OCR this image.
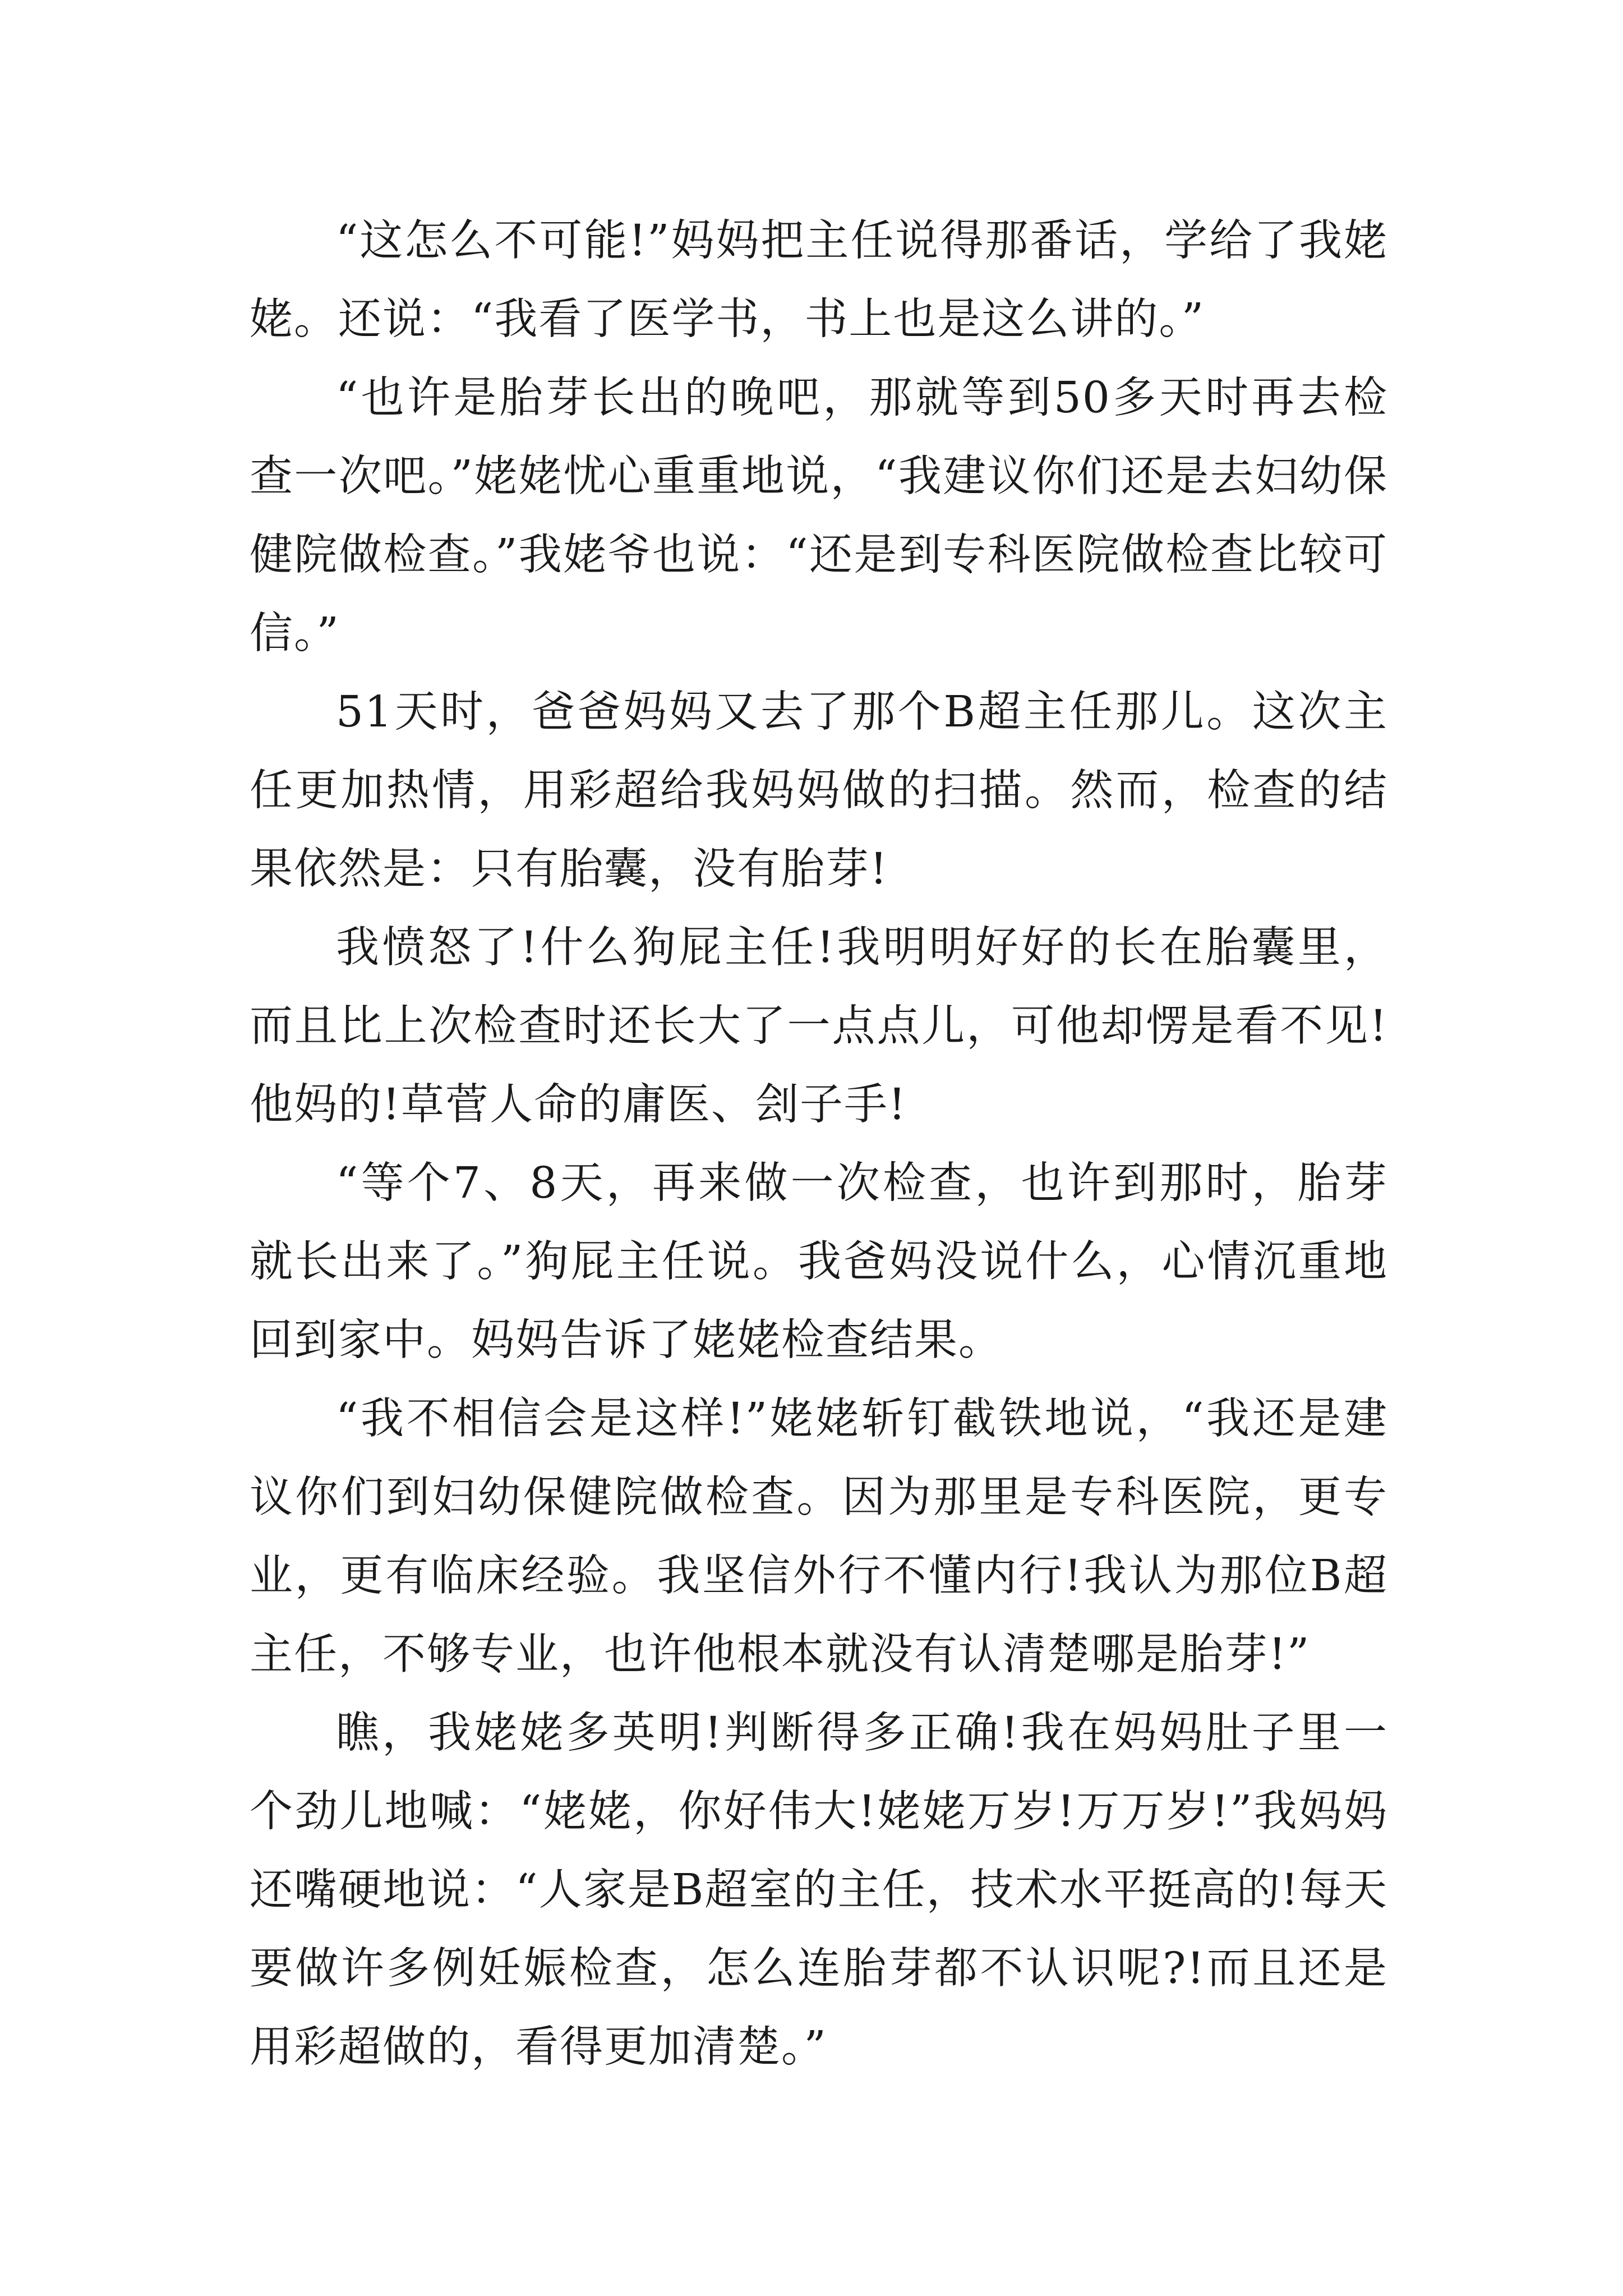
“这怎么不可能!”妈妈把主任说得那番话，学给了我姥姥。还说：“我看了医学书，书上也是这么讲的。”

“也许是胎芽长出的晚吧，那就等到50多天时再去检查一次吧。”姥姥忧心重重地说，“我建议你们还是去妇幼保健院做检查。”我姥爷也说：“还是到专科医院做检查比较可信。”

51天时，爸爸妈妈又去了那个B超主任那儿。这次主任更加热情，用彩超给我妈妈做的扫描。然而，检查的结果依然是：只有胎囊，没有胎芽!

我愤怒了!什么狗屁主任!我明明好好的长在胎囊里，而且比上次检查时还长大了一点点儿，可他却愣是看不见!他妈的!草菅人命的庸医、刽子手!

“等个7、8天，再来做一次检查，也许到那时，胎芽就长出来了。”狗屁主任说。我爸妈没说什么，心情沉重地回到家中。妈妈告诉了姥姥检查结果。

“我不相信会是这样!”姥姥斩钉截铁地说，“我还是建议你们到妇幼保健院做检查。因为那里是专科医院，更专业，更有临床经验。我坚信外行不懂内行!我认为那位B超主任，不够专业，也许他根本就没有认清楚哪是胎芽!”

瞧，我姥姥多英明!判断得多正确!我在妈妈肚子里一个劲儿地喊：“姥姥，你好伟大!姥姥万岁!万万岁!”我妈妈还嘴硬地说：“人家是B超室的主任，技术水平挺高的!每天要做许多例妊娠检查，怎么连胎芽都不认识呢?!而且还是用彩超做的，看得更加清楚。”
